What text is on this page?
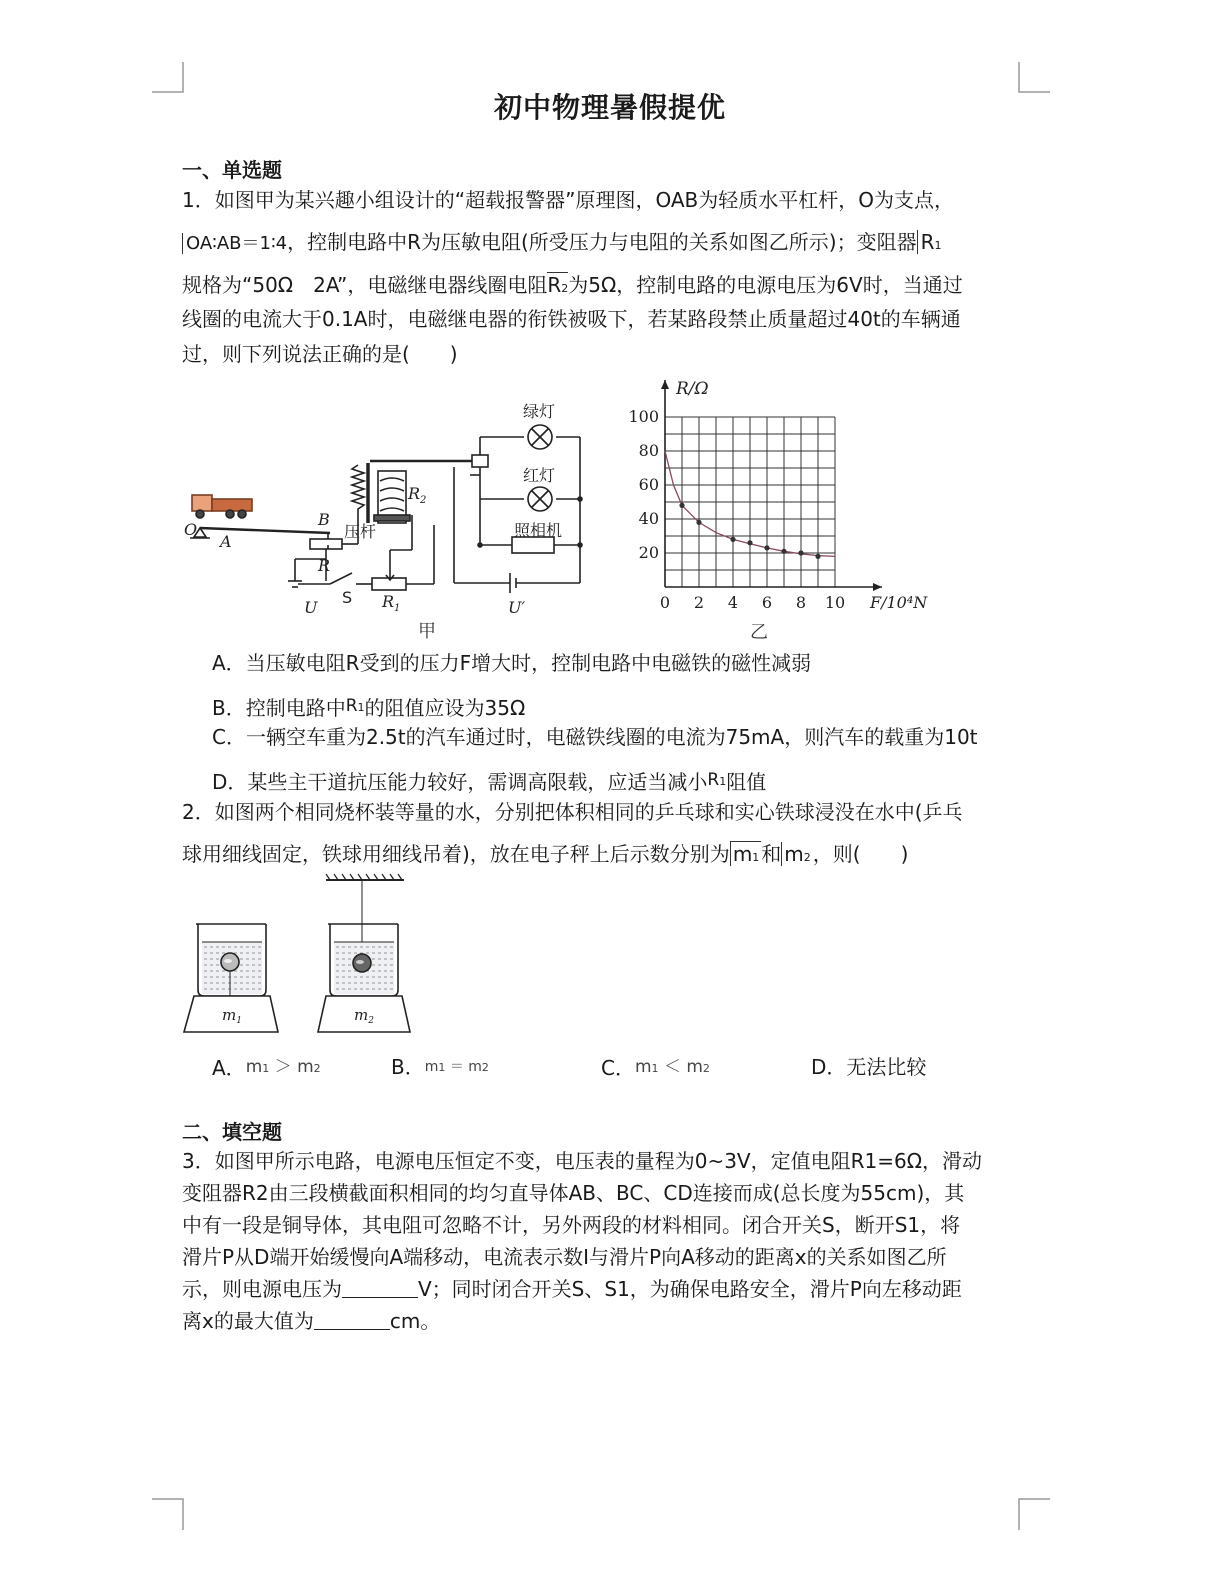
初中物理暑假提优
一、单选题
1．如图甲为某兴趣小组设计的“超载报警器”原理图，OAB为轻质水平杠杆，O为支点，
OA∶AB＝1∶4，控制电路中R为压敏电阻(所受压力与电阻的关系如图乙所示)；变阻器 R1
规格为“50Ω　2A”，电磁继电器线圈电阻R2为5Ω，控制电路的电源电压为6V时，当通过
线圈的电流大于0.1A时，电磁继电器的衔铁被吸下，若某路段禁止质量超过40t的车辆通
过，则下列说法正确的是(　　)
绿灯
红灯
照相机
压杆
O
A
B
R
$R_2$
U
S $R_1$	U′
甲
0 2 4 6 8 10
20
40
60
80
100
R/Ω
F/10⁴N
乙
A．当压敏电阻R受到的压力F增大时，控制电路中电磁铁的磁性减弱
B．控制电路中$^{R1}$的阻值应设为35Ω
C．一辆空车重为2.5t的汽车通过时，电磁铁线圈的电流为75mA，则汽车的载重为10t
D．某些主干道抗压能力较好，需调高限载，应适当减小$^{R1}$阻值
2．如图两个相同烧杯装等量的水，分别把体积相同的乒乓球和实心铁球浸没在水中(乒乓
球用细线固定，铁球用细线吊着)，放在电子秤上后示数分别为 m1 和 m2 ，则(　　)
$m_1$	$m_2$
A．m1 ＞ m2	B．m1 ＝ m2	C．m1 ＜ m2	D．无法比较
二、填空题
3．如图甲所示电路，电源电压恒定不变，电压表的量程为0~3V，定值电阻R1=6Ω，滑动
变阻器R2由三段横截面积相同的均匀直导体AB、BC、CD连接而成(总长度为55cm)，其
中有一段是铜导体，其电阻可忽略不计，另外两段的材料相同。闭合开关S，断开S1，将
滑片P从D端开始缓慢向A端移动，电流表示数I与滑片P向A移动的距离x的关系如图乙所
示，则电源电压为	V；同时闭合开关S、S1，为确保电路安全，滑片P向左移动距
离x的最大值为	cm。
